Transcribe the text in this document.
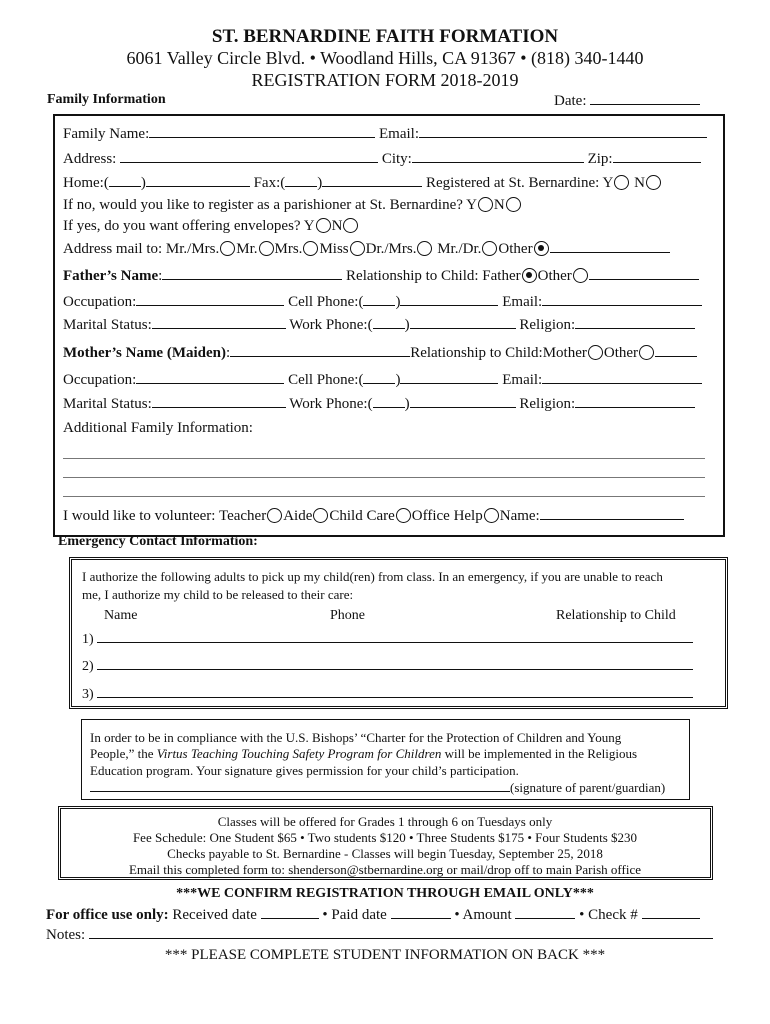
ST. BERNARDINE FAITH FORMATION
6061 Valley Circle Blvd. • Woodland Hills, CA 91367 • (818) 340-1440
REGISTRATION FORM 2018-2019
Family Information	Date:
Family Name:	Email:
Address:	City:	Zip:
Home:( )	Fax:( )	Registered at St. Bernardine: Y N
If no, would you like to register as a parishioner at St. Bernardine? Y N
If yes, do you want offering envelopes? Y N
Address mail to: Mr./Mrs. Mr. Mrs. Miss Dr./Mrs. Mr./Dr. Other
Father’s Name:	Relationship to Child: Father Other
Occupation:	Cell Phone:( )	Email:
Marital Status:	Work Phone:( )	Religion:
Mother’s Name (Maiden):	Relationship to Child:Mother Other
Occupation:	Cell Phone:( )	Email:
Marital Status:	Work Phone:( )	Religion:
Additional Family Information:
I would like to volunteer: Teacher Aide Child Care Office Help Name:
Emergency Contact Information:
I authorize the following adults to pick up my child(ren) from class. In an emergency, if you are unable to reach
me, I authorize my child to be released to their care:
Name	Phone	Relationship to Child
1)
2)
3)
In order to be in compliance with the U.S. Bishops’ “Charter for the Protection of Children and Young
People,” the Virtus Teaching Touching Safety Program for Children will be implemented in the Religious
Education program. Your signature gives permission for your child’s participation.
(signature of parent/guardian)
Classes will be offered for Grades 1 through 6 on Tuesdays only
Fee Schedule: One Student $65 • Two students $120 • Three Students $175 • Four Students $230
Checks payable to St. Bernardine - Classes will begin Tuesday, September 25, 2018
Email this completed form to: shenderson@stbernardine.org or mail/drop off to main Parish office
***WE CONFIRM REGISTRATION THROUGH EMAIL ONLY***
For office use only: Received date	• Paid date	• Amount	• Check #
Notes:
*** PLEASE COMPLETE STUDENT INFORMATION ON BACK ***
